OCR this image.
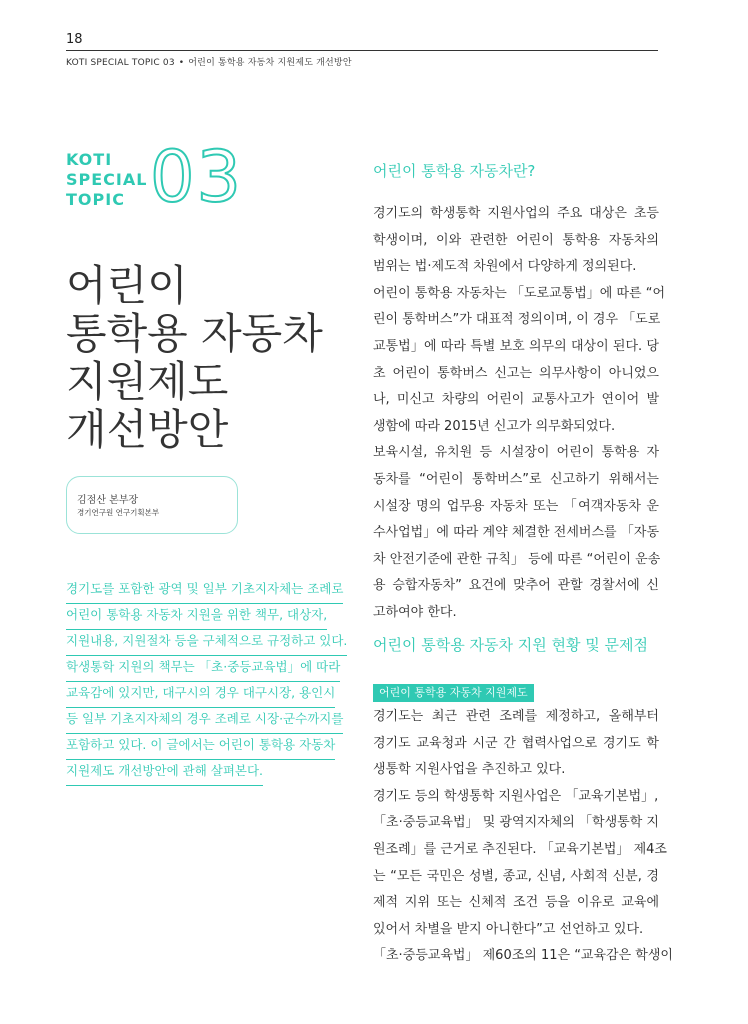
18
KOTI SPECIAL TOPIC 03 • 어린이 통학용 자동차 지원제도 개선방안
KOTI
SPECIAL
TOPIC 03
어린이
통학용 자동차
지원제도
개선방안
김점산 본부장
경기연구원 연구기획본부
경기도를 포함한 광역 및 일부 기초지자체는 조례로
어린이 통학용 자동차 지원을 위한 책무, 대상자,
지원내용, 지원절차 등을 구체적으로 규정하고 있다.
학생통학 지원의 책무는 「초·중등교육법」에 따라
교육감에 있지만, 대구시의 경우 대구시장, 용인시
등 일부 기초지자체의 경우 조례로 시장·군수까지를
포함하고 있다. 이 글에서는 어린이 통학용 자동차
지원제도 개선방안에 관해 살펴본다.
어린이 통학용 자동차란?
경기도의 학생통학 지원사업의 주요 대상은 초등
학생이며, 이와 관련한 어린이 통학용 자동차의
범위는 법·제도적 차원에서 다양하게 정의된다.
어린이 통학용 자동차는 「도로교통법」에 따른 “어
린이 통학버스”가 대표적 정의이며, 이 경우 「도로
교통법」에 따라 특별 보호 의무의 대상이 된다. 당
초 어린이 통학버스 신고는 의무사항이 아니었으
나, 미신고 차량의 어린이 교통사고가 연이어 발
생함에 따라 2015년 신고가 의무화되었다.
보육시설, 유치원 등 시설장이 어린이 통학용 자
동차를 “어린이 통학버스”로 신고하기 위해서는
시설장 명의 업무용 자동차 또는 「여객자동차 운
수사업법」에 따라 계약 체결한 전세버스를 「자동
차 안전기준에 관한 규칙」 등에 따른 “어린이 운송
용 승합자동차” 요건에 맞추어 관할 경찰서에 신
고하여야 한다.
어린이 통학용 자동차 지원 현황 및 문제점
어린이 통학용 자동차 지원제도
경기도는 최근 관련 조례를 제정하고, 올해부터
경기도 교육청과 시군 간 협력사업으로 경기도 학
생통학 지원사업을 추진하고 있다.
경기도 등의 학생통학 지원사업은 「교육기본법」,
「초·중등교육법」 및 광역지자체의 「학생통학 지
원조례」를 근거로 추진된다. 「교육기본법」 제4조
는 “모든 국민은 성별, 종교, 신념, 사회적 신분, 경
제적 지위 또는 신체적 조건 등을 이유로 교육에
있어서 차별을 받지 아니한다”고 선언하고 있다.
「초·중등교육법」 제60조의 11은 “교육감은 학생이
